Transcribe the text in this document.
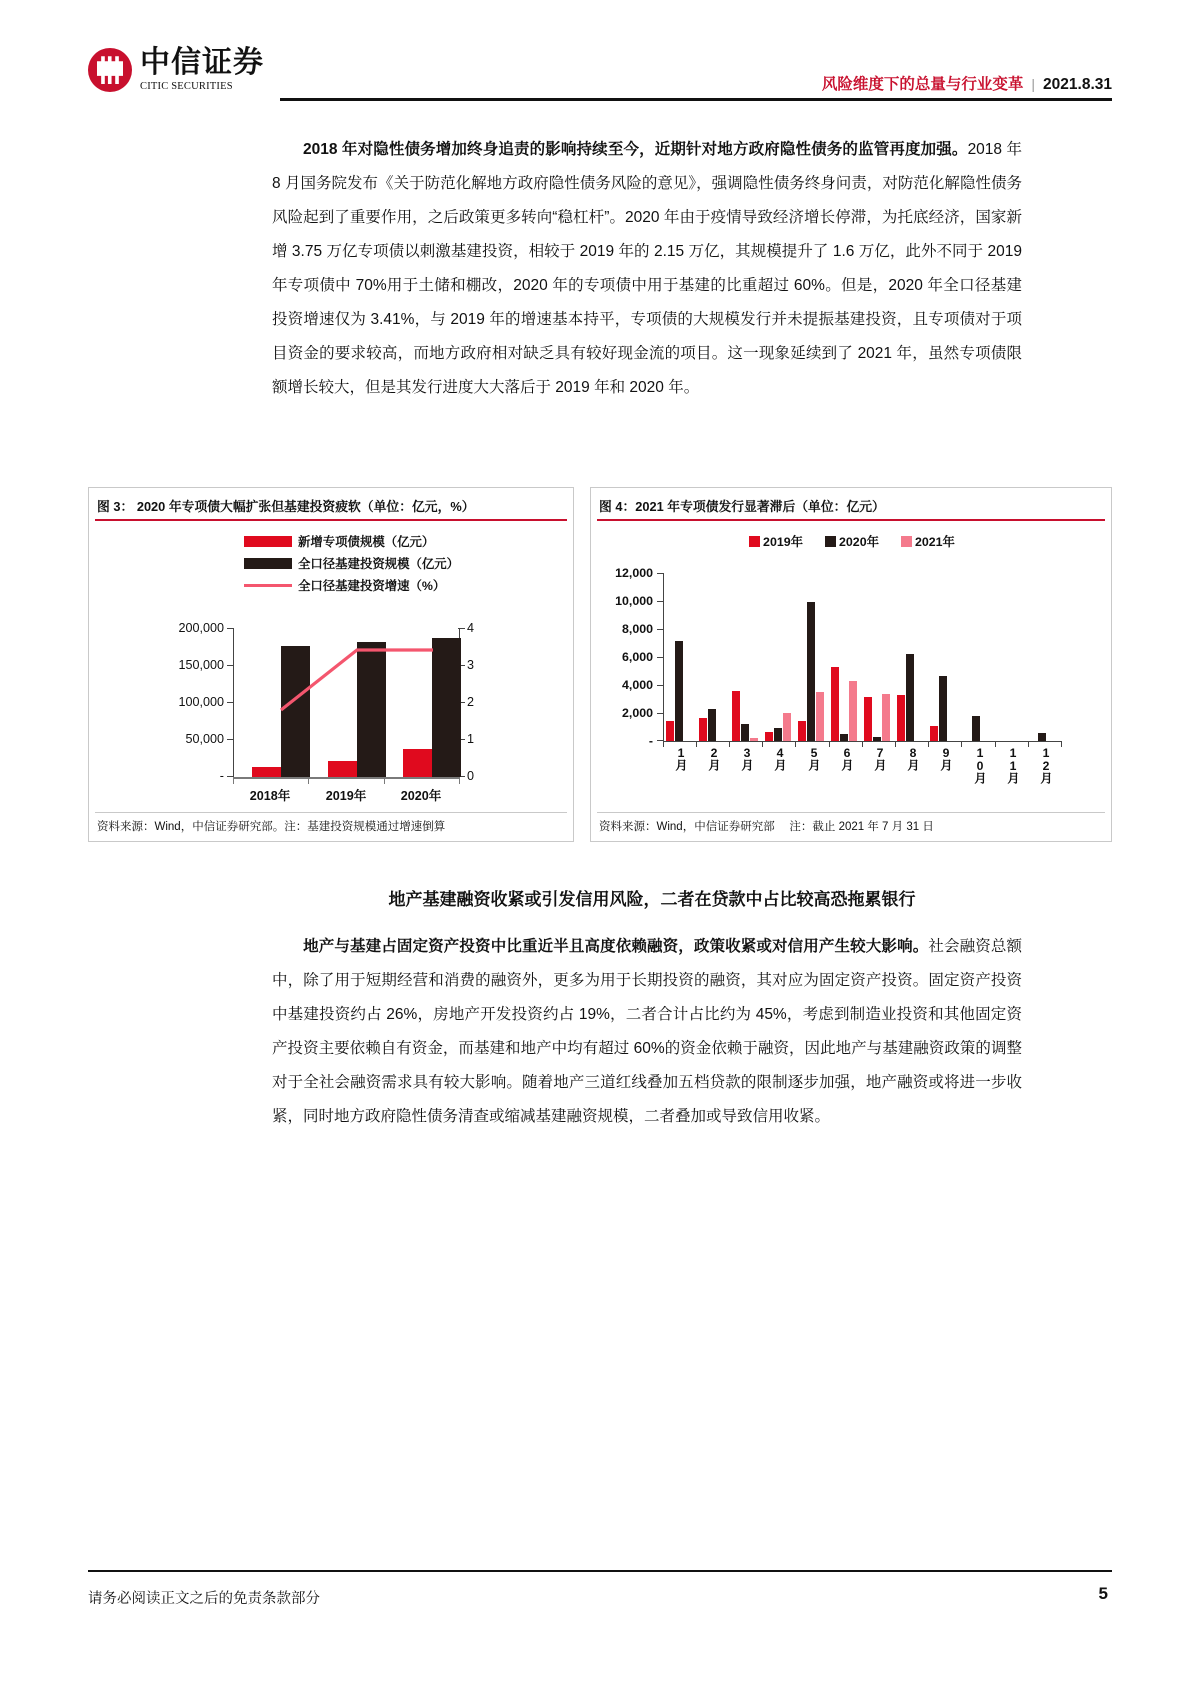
中信证券
CITIC SECURITIES	风险维度下的总量与行业变革 | 2021.8.31

2018 年对隐性债务增加终身追责的影响持续至今，近期针对地方政府隐性债务的监管再度加强。2018 年 8 月国务院发布《关于防范化解地方政府隐性债务风险的意见》，强调隐性债务终身问责，对防范化解隐性债务风险起到了重要作用，之后政策更多转向“稳杠杆”。2020 年由于疫情导致经济增长停滞，为托底经济，国家新增 3.75 万亿专项债以刺激基建投资，相较于 2019 年的 2.15 万亿，其规模提升了 1.6 万亿，此外不同于 2019 年专项债中 70%用于土储和棚改，2020 年的专项债中用于基建的比重超过 60%。但是，2020 年全口径基建投资增速仅为 3.41%，与 2019 年的增速基本持平，专项债的大规模发行并未提振基建投资，且专项债对于项目资金的要求较高，而地方政府相对缺乏具有较好现金流的项目。这一现象延续到了 2021 年，虽然专项债限额增长较大，但是其发行进度大大落后于 2019 年和 2020 年。

图 3： 2020 年专项债大幅扩张但基建投资疲软（单位：亿元，%）
新增专项债规模（亿元）
全口径基建投资规模（亿元）
全口径基建投资增速（%）
200,000
150,000
100,000
50,000
-
4
3
2
1
0
2018年	2019年	2020年
资料来源：Wind，中信证券研究部。注：基建投资规模通过增速倒算
图 4：2021 年专项债发行显著滞后（单位：亿元）
2019年	2020年	2021年
12,000
10,000
8,000
6,000
4,000
2,000
-
1月 2月 3月 4月 5月 6月 7月 8月 9月 10月 11月 12月
资料来源：Wind，中信证券研究部　 注：截止 2021 年 7 月 31 日
地产基建融资收紧或引发信用风险，二者在贷款中占比较高恐拖累银行

地产与基建占固定资产投资中比重近半且高度依赖融资，政策收紧或对信用产生较大影响。社会融资总额中，除了用于短期经营和消费的融资外，更多为用于长期投资的融资，其对应为固定资产投资。固定资产投资中基建投资约占 26%，房地产开发投资约占 19%，二者合计占比约为 45%，考虑到制造业投资和其他固定资产投资主要依赖自有资金，而基建和地产中均有超过 60%的资金依赖于融资，因此地产与基建融资政策的调整对于全社会融资需求具有较大影响。随着地产三道红线叠加五档贷款的限制逐步加强，地产融资或将进一步收紧，同时地方政府隐性债务清查或缩减基建融资规模，二者叠加或导致信用收紧。

请务必阅读正文之后的免责条款部分	5
